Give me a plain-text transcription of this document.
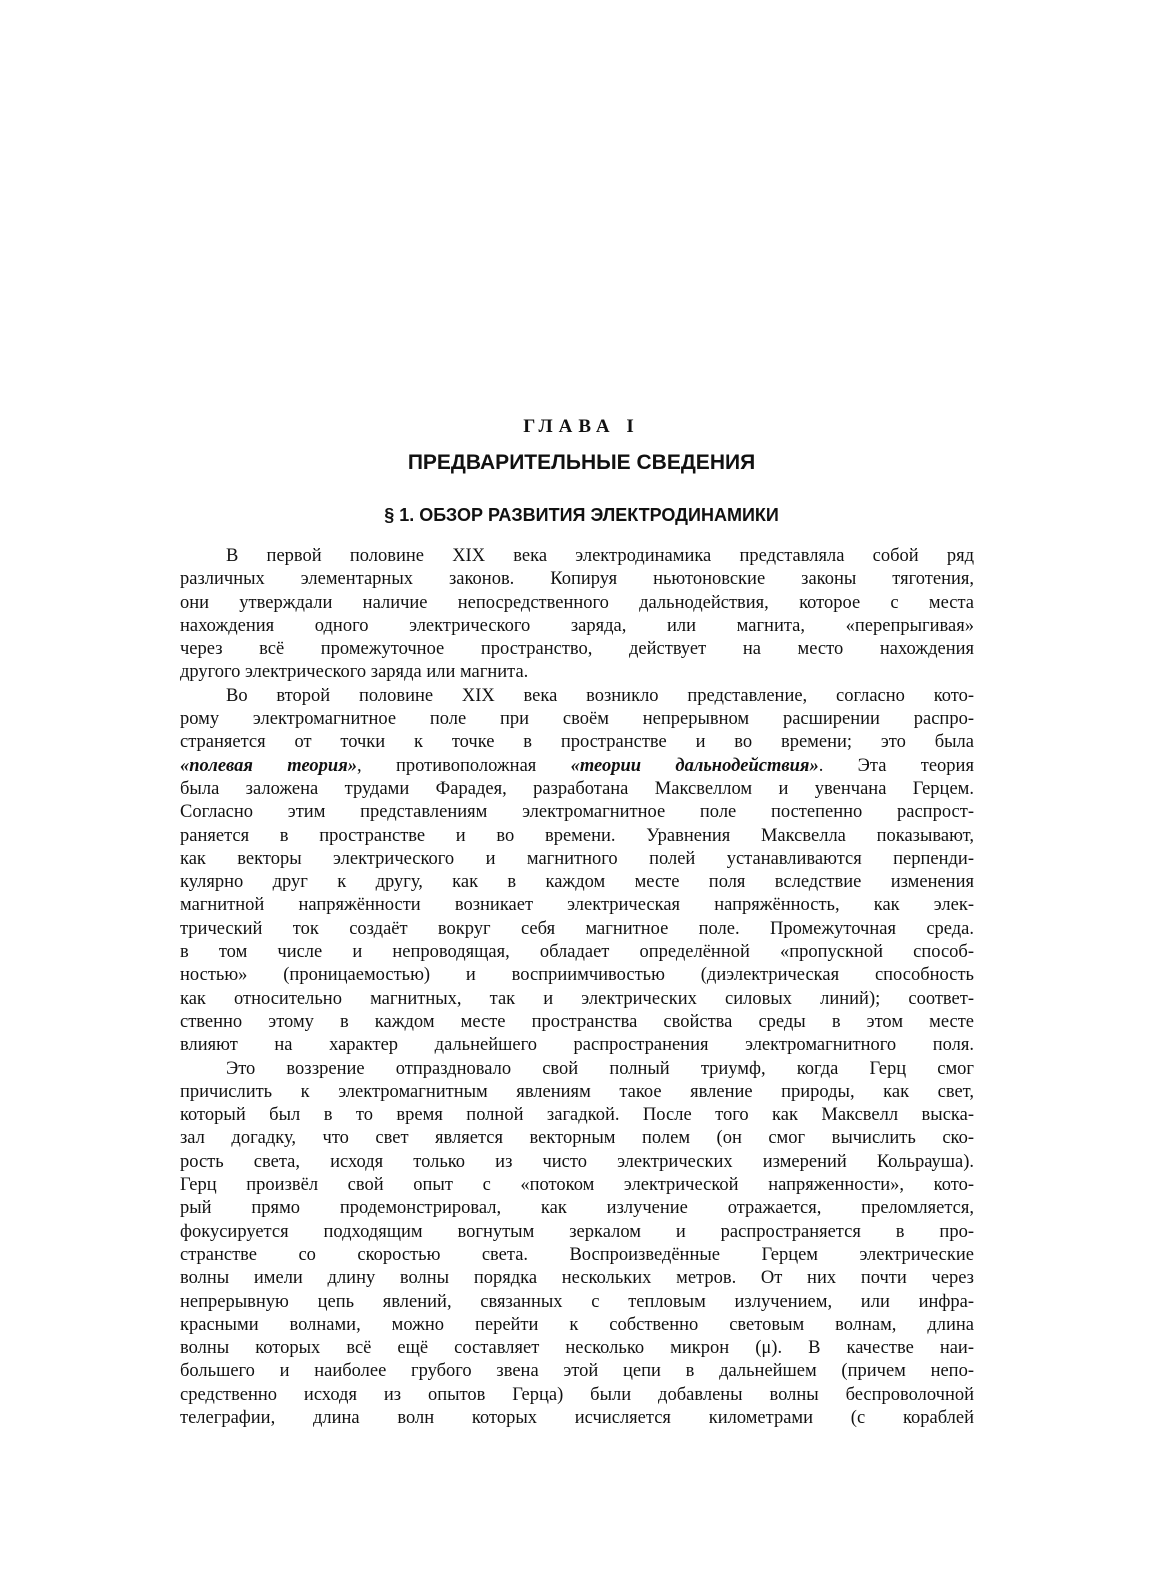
ГЛАВА I
ПРЕДВАРИТЕЛЬНЫЕ СВЕДЕНИЯ
§ 1. ОБЗОР РАЗВИТИЯ ЭЛЕКТРОДИНАМИКИ
В первой половине XIX века электродинамика представляла собой ряд
различных элементарных законов. Копируя ньютоновские законы тяготения,
они утверждали наличие непосредственного дальнодействия, которое с места
нахождения одного электрического заряда, или магнита, «перепрыгивая»
через всё промежуточное пространство, действует на место нахождения
другого электрического заряда или магнита.
Во второй половине XIX века возникло представление, согласно кото-
рому электромагнитное поле при своём непрерывном расширении распро-
страняется от точки к точке в пространстве и во времени; это была
«полевая теория», противоположная «теории дальнодействия». Эта теория
была заложена трудами Фарадея, разработана Максвеллом и увенчана Герцем.
Согласно этим представлениям электромагнитное поле постепенно распрост-
раняется в пространстве и во времени. Уравнения Максвелла показывают,
как векторы электрического и магнитного полей устанавливаются перпенди-
кулярно друг к другу, как в каждом месте поля вследствие изменения
магнитной напряжённости возникает электрическая напряжённость, как элек-
трический ток создаёт вокруг себя магнитное поле. Промежуточная среда.
в том числе и непроводящая, обладает определённой «пропускной способ-
ностью» (проницаемостью) и восприимчивостью (диэлектрическая способность
как относительно магнитных, так и электрических силовых линий); соответ-
ственно этому в каждом месте пространства свойства среды в этом месте
влияют на характер дальнейшего распространения электромагнитного поля.
Это воззрение отпраздновало свой полный триумф, когда Герц смог
причислить к электромагнитным явлениям такое явление природы, как свет,
который был в то время полной загадкой. После того как Максвелл выска-
зал догадку, что свет является векторным полем (он смог вычислить ско-
рость света, исходя только из чисто электрических измерений Кольрауша).
Герц произвёл свой опыт с «потоком электрической напряженности», кото-
рый прямо продемонстрировал, как излучение отражается, преломляется,
фокусируется подходящим вогнутым зеркалом и распространяется в про-
странстве со скоростью света. Воспроизведённые Герцем электрические
волны имели длину волны порядка нескольких метров. От них почти через
непрерывную цепь явлений, связанных с тепловым излучением, или инфра-
красными волнами, можно перейти к собственно световым волнам, длина
волны которых всё ещё составляет несколько микрон (μ). В качестве наи-
большего и наиболее грубого звена этой цепи в дальнейшем (причем непо-
средственно исходя из опытов Герца) были добавлены волны беспроволочной
телеграфии, длина волн которых исчисляется километрами (с кораблей
